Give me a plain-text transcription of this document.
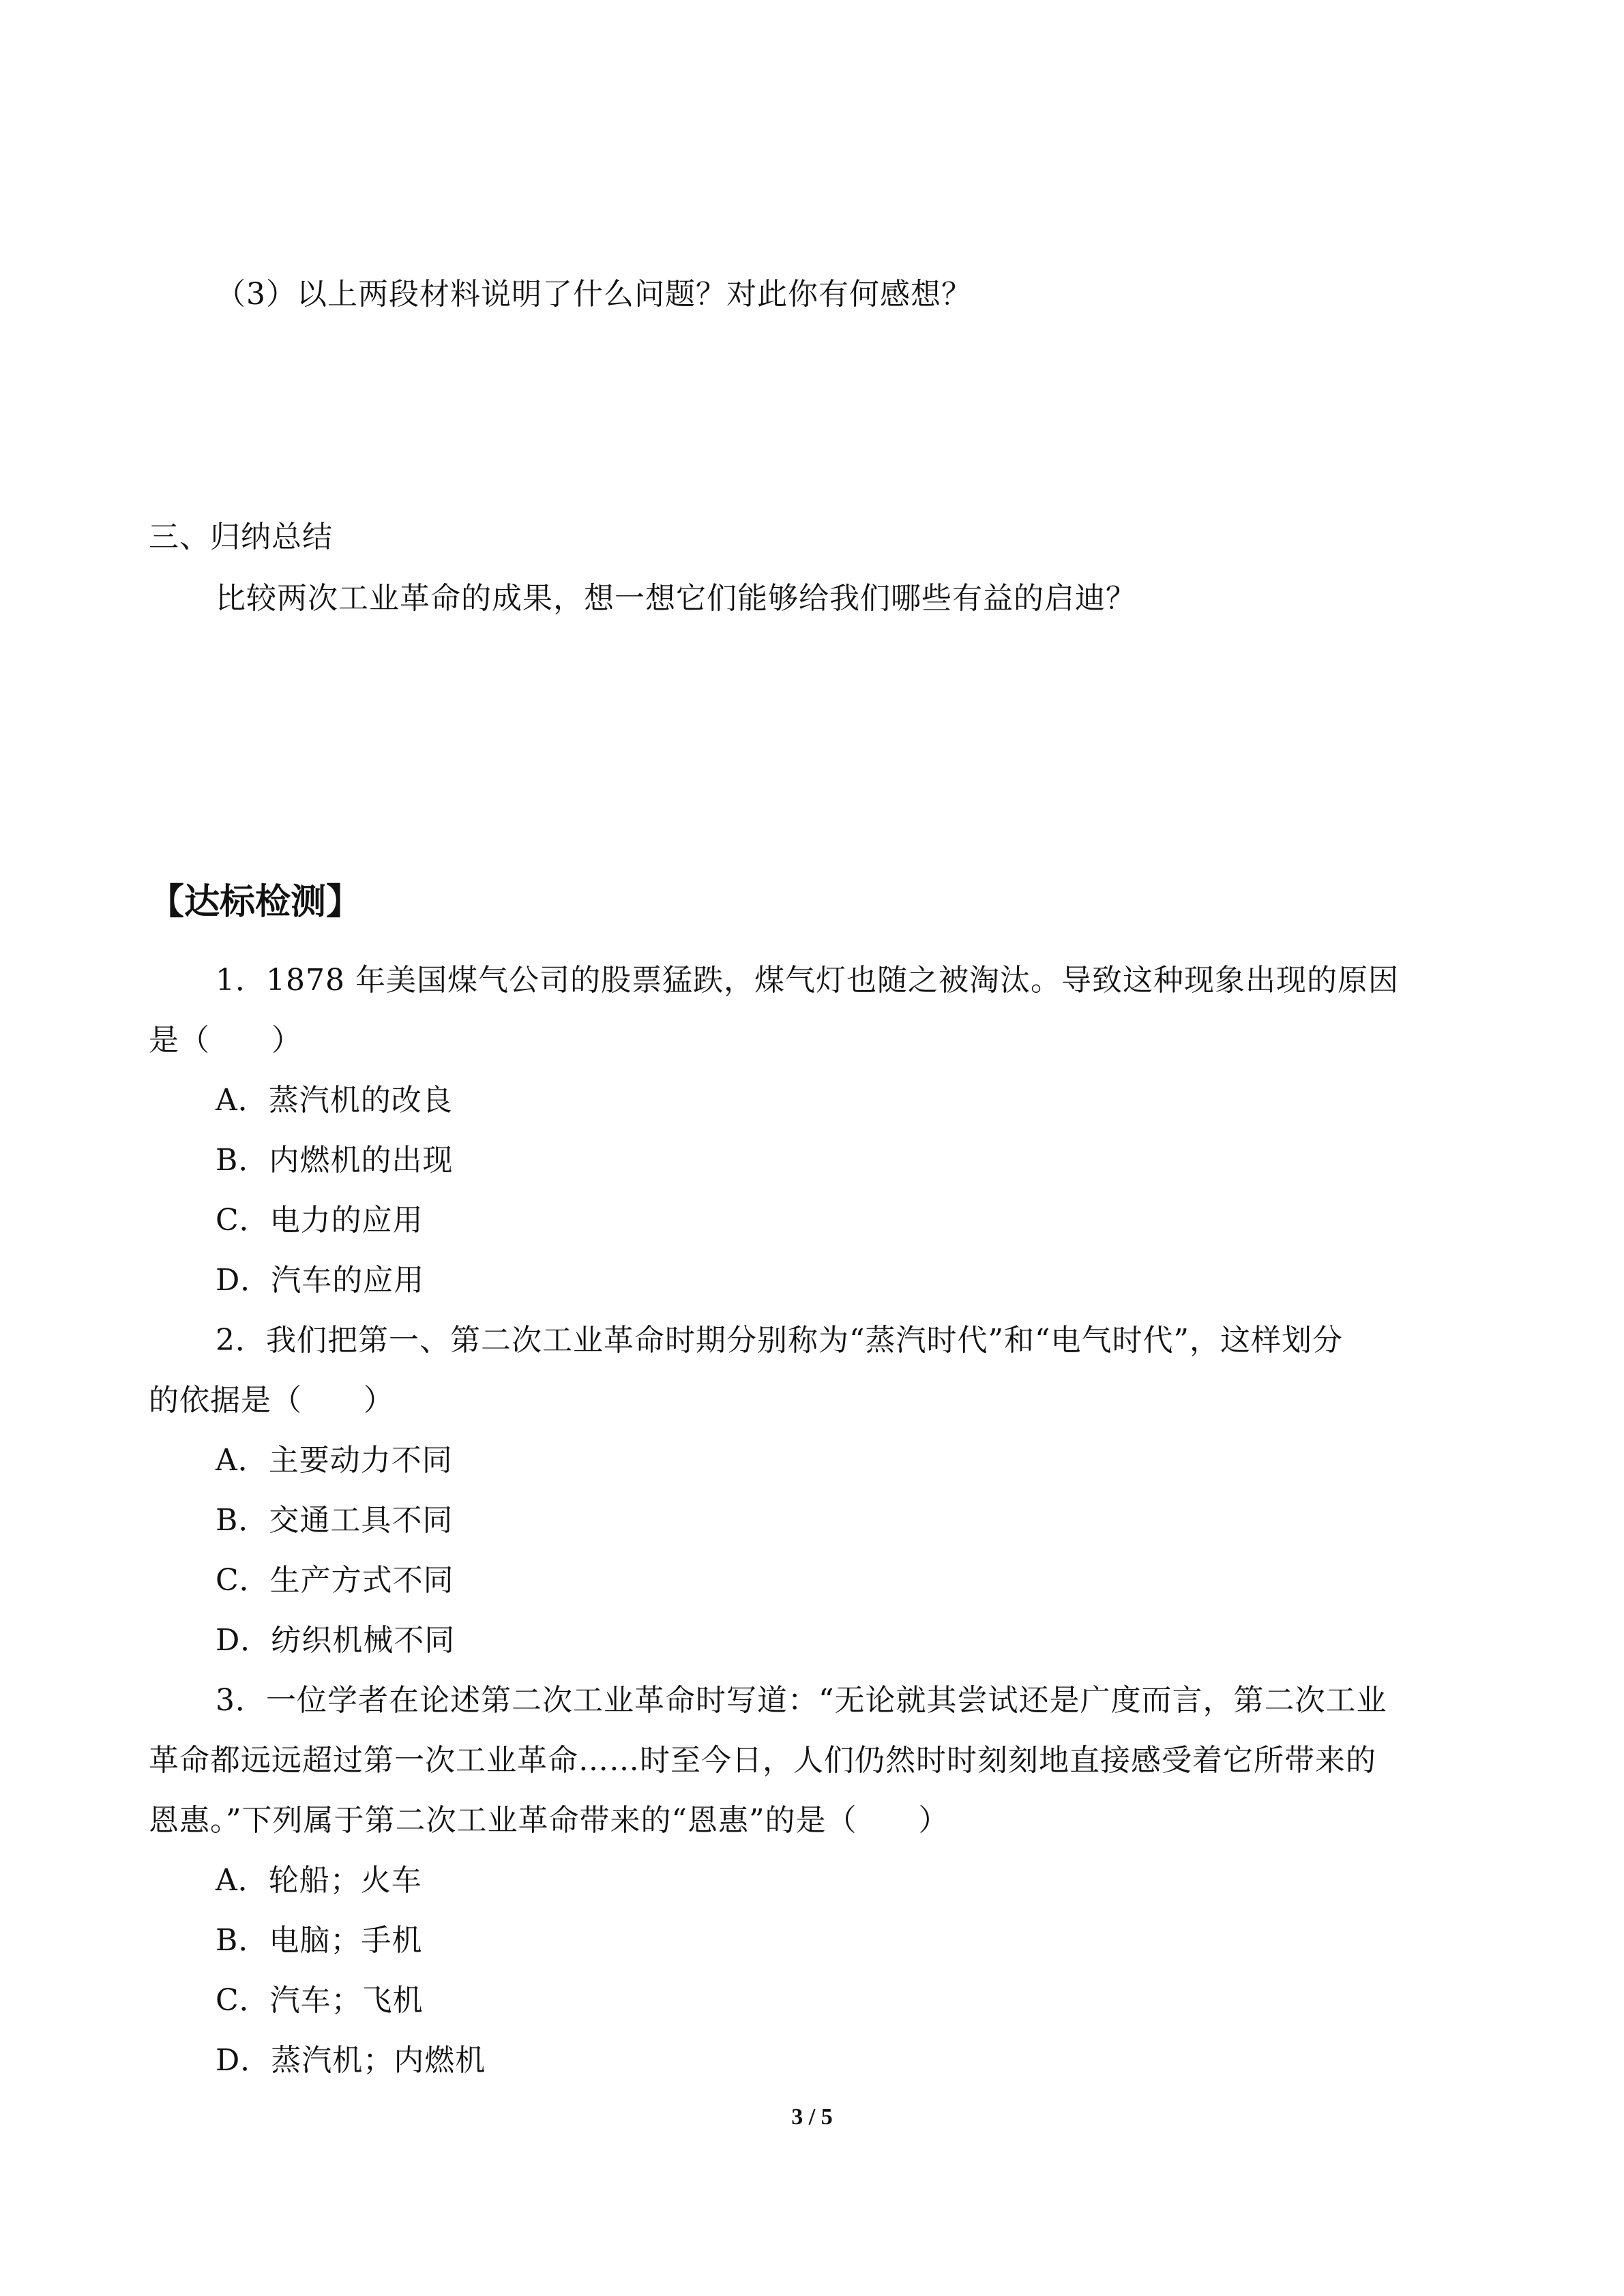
（3）以上两段材料说明了什么问题？对此你有何感想？
三、归纳总结
比较两次工业革命的成果，想一想它们能够给我们哪些有益的启迪？
【达标检测】
1．1878 年美国煤气公司的股票猛跌，煤气灯也随之被淘汰。导致这种现象出现的原因
是（　　）
A．蒸汽机的改良
B．内燃机的出现
C．电力的应用
D．汽车的应用
2．我们把第一、第二次工业革命时期分别称为“蒸汽时代”和“电气时代”，这样划分
的依据是（　　）
A．主要动力不同
B．交通工具不同
C．生产方式不同
D．纺织机械不同
3．一位学者在论述第二次工业革命时写道：“无论就其尝试还是广度而言，第二次工业
革命都远远超过第一次工业革命……时至今日，人们仍然时时刻刻地直接感受着它所带来的
恩惠。”下列属于第二次工业革命带来的“恩惠”的是（　　）
A．轮船；火车
B．电脑；手机
C．汽车；飞机
D．蒸汽机；内燃机
3 / 5
